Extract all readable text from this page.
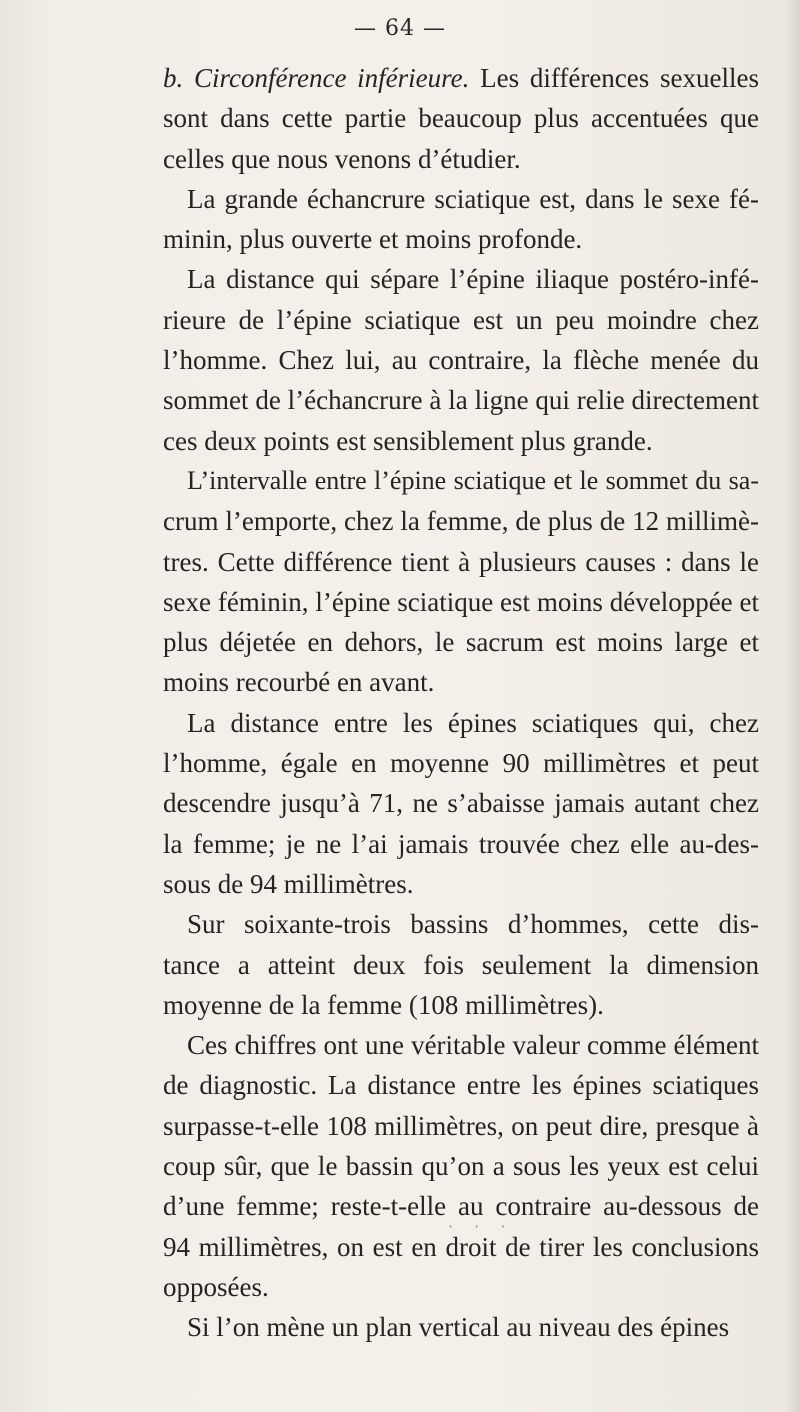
— 64 —
b. Circonférence inférieure. Les différences sexuelles
sont dans cette partie beaucoup plus accentuées que
celles que nous venons d’étudier.
La grande échancrure sciatique est, dans le sexe fé-
minin, plus ouverte et moins profonde.
La distance qui sépare l’épine iliaque postéro-infé-
rieure de l’épine sciatique est un peu moindre chez
l’homme. Chez lui, au contraire, la flèche menée du
sommet de l’échancrure à la ligne qui relie directement
ces deux points est sensiblement plus grande.
L’intervalle entre l’épine sciatique et le sommet du sa-
crum l’emporte, chez la femme, de plus de 12 millimè-
tres. Cette différence tient à plusieurs causes : dans le
sexe féminin, l’épine sciatique est moins développée et
plus déjetée en dehors, le sacrum est moins large et
moins recourbé en avant.
La distance entre les épines sciatiques qui, chez
l’homme, égale en moyenne 90 millimètres et peut
descendre jusqu’à 71, ne s’abaisse jamais autant chez
la femme; je ne l’ai jamais trouvée chez elle au-des-
sous de 94 millimètres.
Sur soixante-trois bassins d’hommes, cette dis-
tance a atteint deux fois seulement la dimension
moyenne de la femme (108 millimètres).
Ces chiffres ont une véritable valeur comme élément
de diagnostic. La distance entre les épines sciatiques
surpasse-t-elle 108 millimètres, on peut dire, presque à
coup sûr, que le bassin qu’on a sous les yeux est celui
d’une femme; reste-t-elle au contraire au-dessous de
94 millimètres, on est en droit de tirer les conclusions
opposées.
Si l’on mène un plan vertical au niveau des épines
· · ·
